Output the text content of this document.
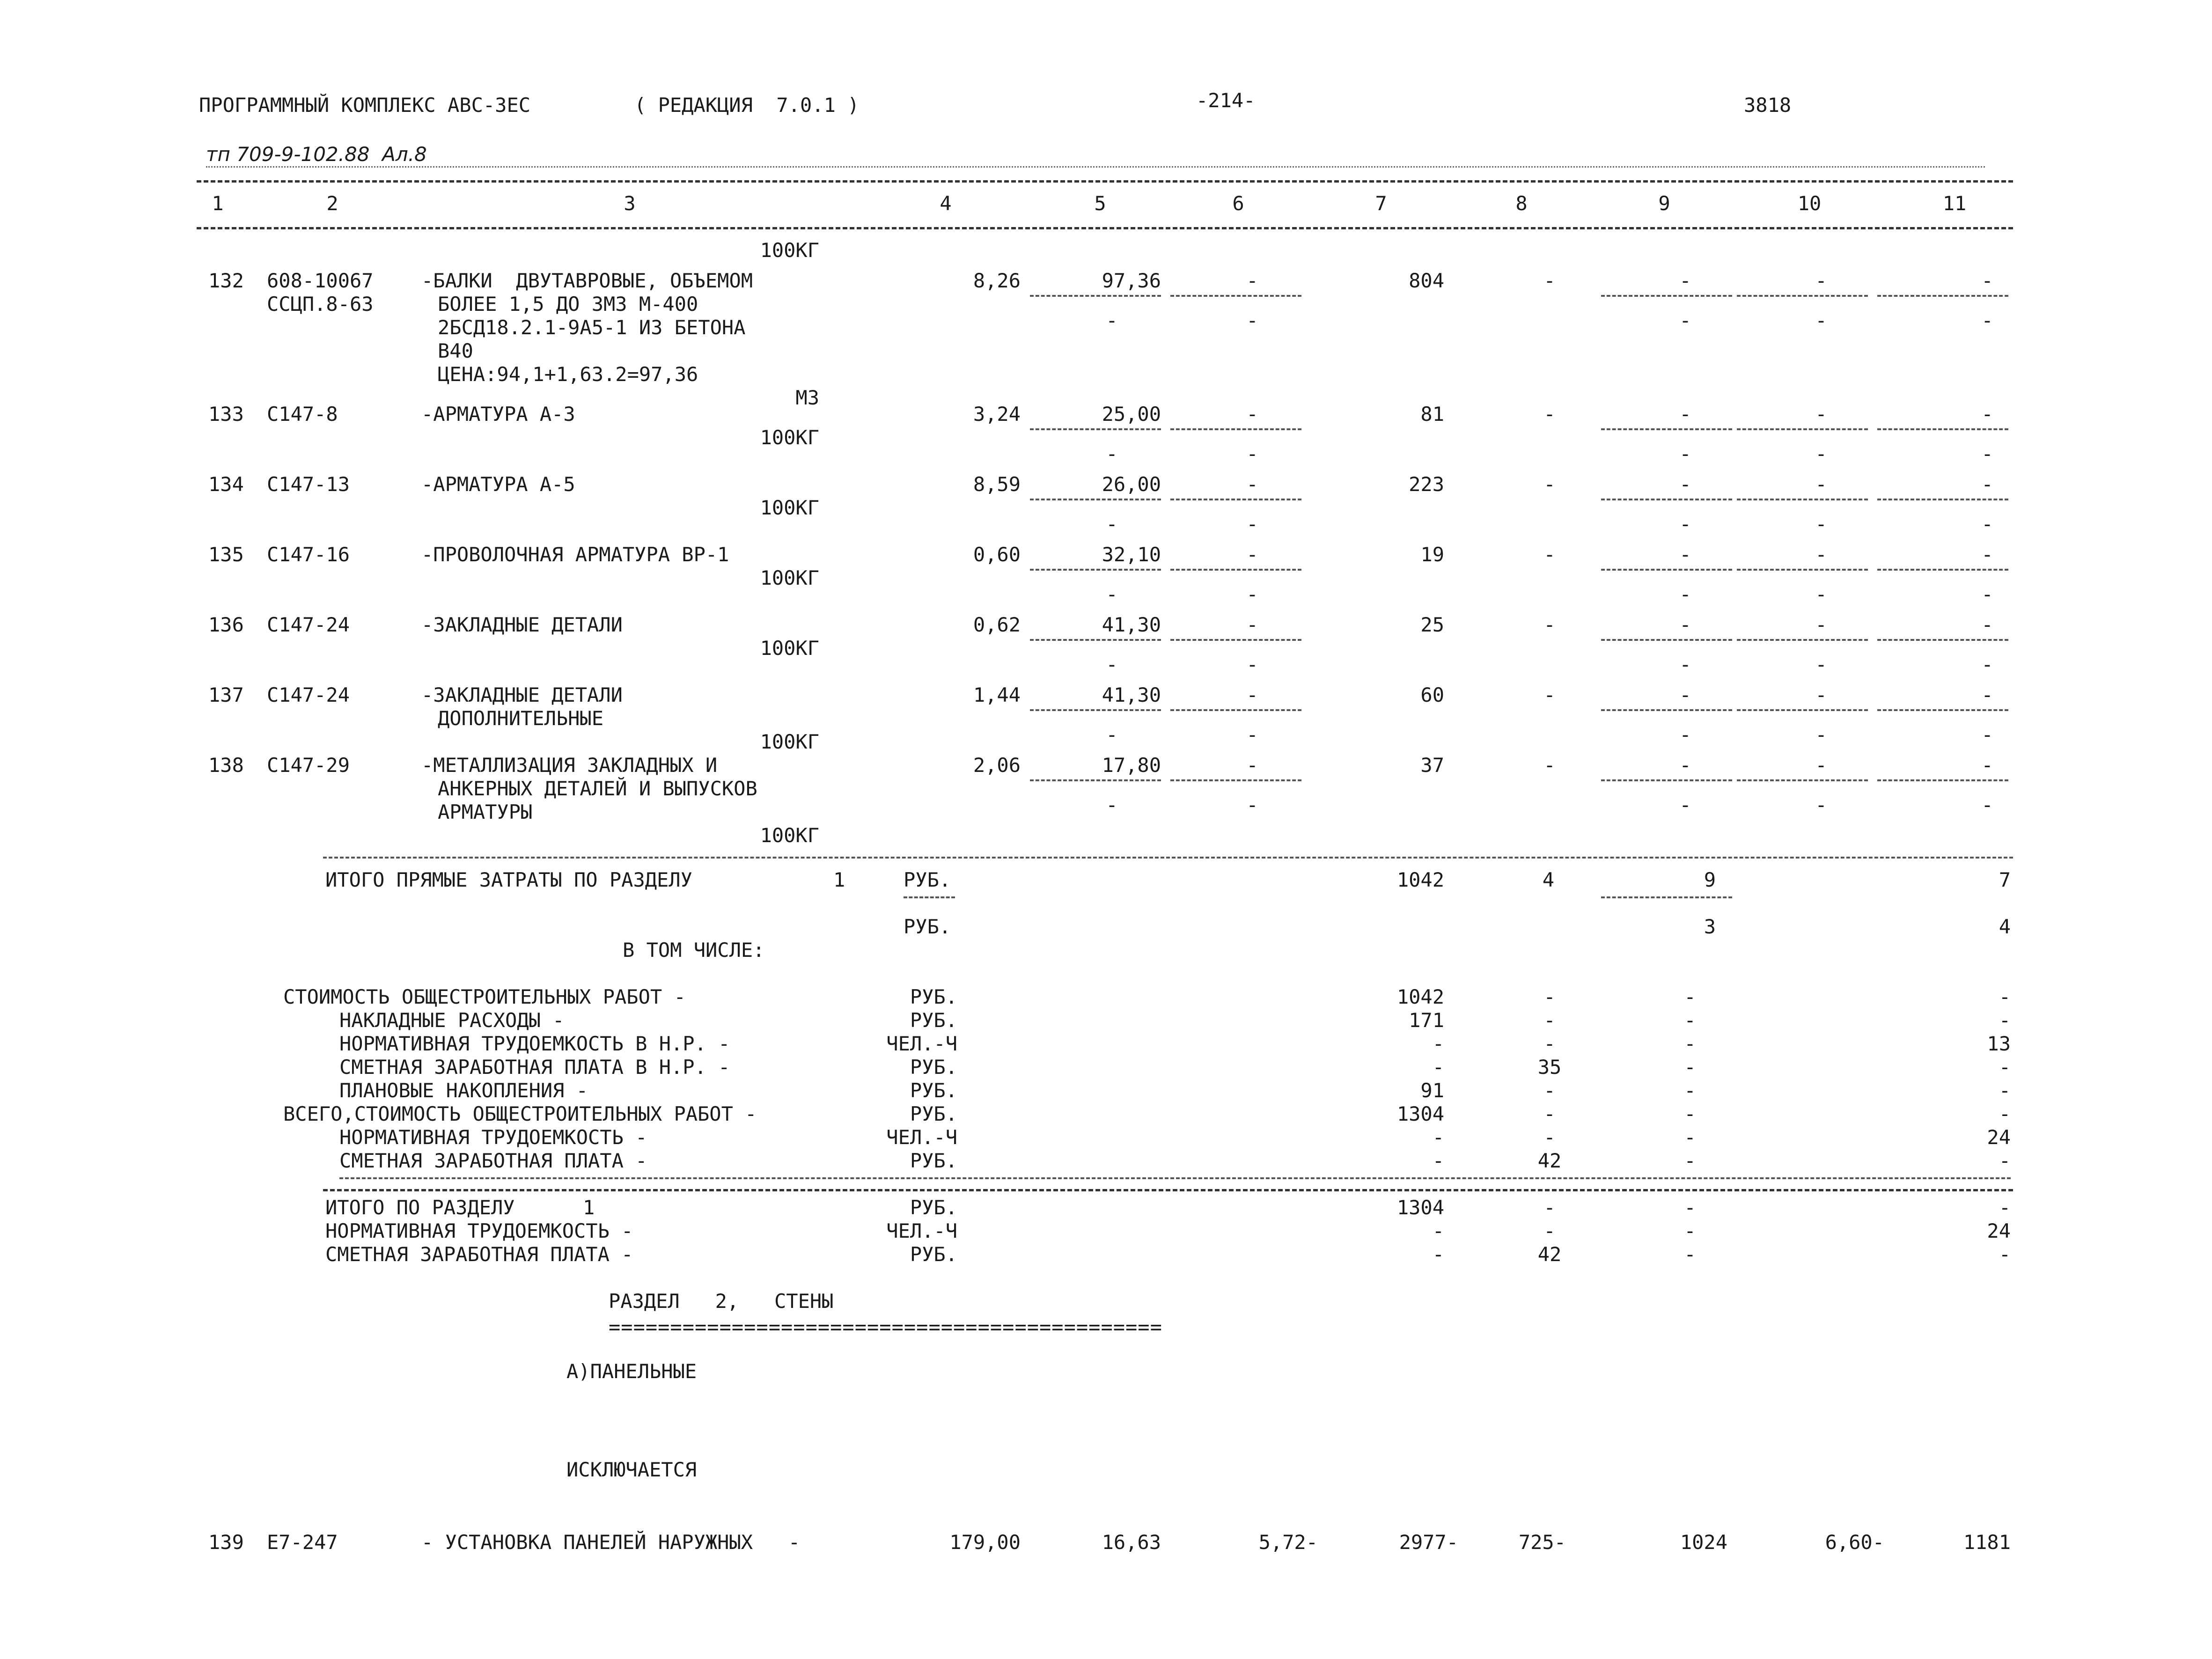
ПРОГРАММНЫЙ КОМПЛЕКС АВС-3ЕС	( РЕДАКЦИЯ  7.0.1 )	-214-	3818
тп 709-9-102.88  Ал.8
1	2	3	4	5	6	7	8	9	10	11
100КГ
132 608-10067
ССЦП.8-63
-БАЛКИ  ДВУТАВРОВЫЕ, ОБЪЕМОМ
БОЛЕЕ 1,5 ДО 3М3 М-400
2БСД18.2.1-9А5-1 ИЗ БЕТОНА
В40
ЦЕНА:94,1+1,63.2=97,36
М3
8,26	97,36	-	804	-	-	-	-
-	-	-	-	-
133 С147-8	-АРМАТУРА А-3
100КГ
3,24	25,00	-	81	-	-	-	-
-	-	-	-	-
134 С147-13	-АРМАТУРА А-5
100КГ
8,59	26,00	-	223	-	-	-	-
-	-	-	-	-
135 С147-16	-ПРОВОЛОЧНАЯ АРМАТУРА ВР-1
100КГ
0,60	32,10	-	19	-	-	-	-
-	-	-	-	-
136 С147-24	-ЗАКЛАДНЫЕ ДЕТАЛИ
100КГ
0,62	41,30	-	25	-	-	-	-
-	-	-	-	-
137 С147-24	-ЗАКЛАДНЫЕ ДЕТАЛИ
ДОПОЛНИТЕЛЬНЫЕ
100КГ
1,44	41,30	-	60	-	-	-	-
-	-	-	-	-
138 С147-29	-МЕТАЛЛИЗАЦИЯ ЗАКЛАДНЫХ И
АНКЕРНЫХ ДЕТАЛЕЙ И ВЫПУСКОВ
АРМАТУРЫ
100КГ
2,06	17,80	-	37	-	-	-	-
-	-	-	-	-
ИТОГО ПРЯМЫЕ ЗАТРАТЫ ПО РАЗДЕЛУ	1	РУБ.	1042	4	9	7
РУБ.	3	4
В ТОМ ЧИСЛЕ:
СТОИМОСТЬ ОБЩЕСТРОИТЕЛЬНЫХ РАБОТ -	РУБ.	1042	-	-	-
НАКЛАДНЫЕ РАСХОДЫ -	РУБ.	171	-	-	-
НОРМАТИВНАЯ ТРУДОЕМКОСТЬ В Н.Р. -	ЧЕЛ.-Ч	-	-	-	13
СМЕТНАЯ ЗАРАБОТНАЯ ПЛАТА В Н.Р. -	РУБ.	-	35	-	-
ПЛАНОВЫЕ НАКОПЛЕНИЯ -	РУБ.	91	-	-	-
ВСЕГО,СТОИМОСТЬ ОБЩЕСТРОИТЕЛЬНЫХ РАБОТ -	РУБ.	1304	-	-	-
НОРМАТИВНАЯ ТРУДОЕМКОСТЬ -	ЧЕЛ.-Ч	-	-	-	24
СМЕТНАЯ ЗАРАБОТНАЯ ПЛАТА -	РУБ.	-	42	-	-
ИТОГО ПО РАЗДЕЛУ	1	РУБ.	1304	-	-	-
НОРМАТИВНАЯ ТРУДОЕМКОСТЬ -	ЧЕЛ.-Ч	-	-	-	24
СМЕТНАЯ ЗАРАБОТНАЯ ПЛАТА -	РУБ.	-	42	-	-
РАЗДЕЛ   2,   СТЕНЫ
=============================================
А)ПАНЕЛЬНЫЕ
ИСКЛЮЧАЕТСЯ
139 Е7-247	- УСТАНОВКА ПАНЕЛЕЙ НАРУЖНЫХ   -	179,00	16,63	5,72-	2977-	725-	1024	6,60-	1181
